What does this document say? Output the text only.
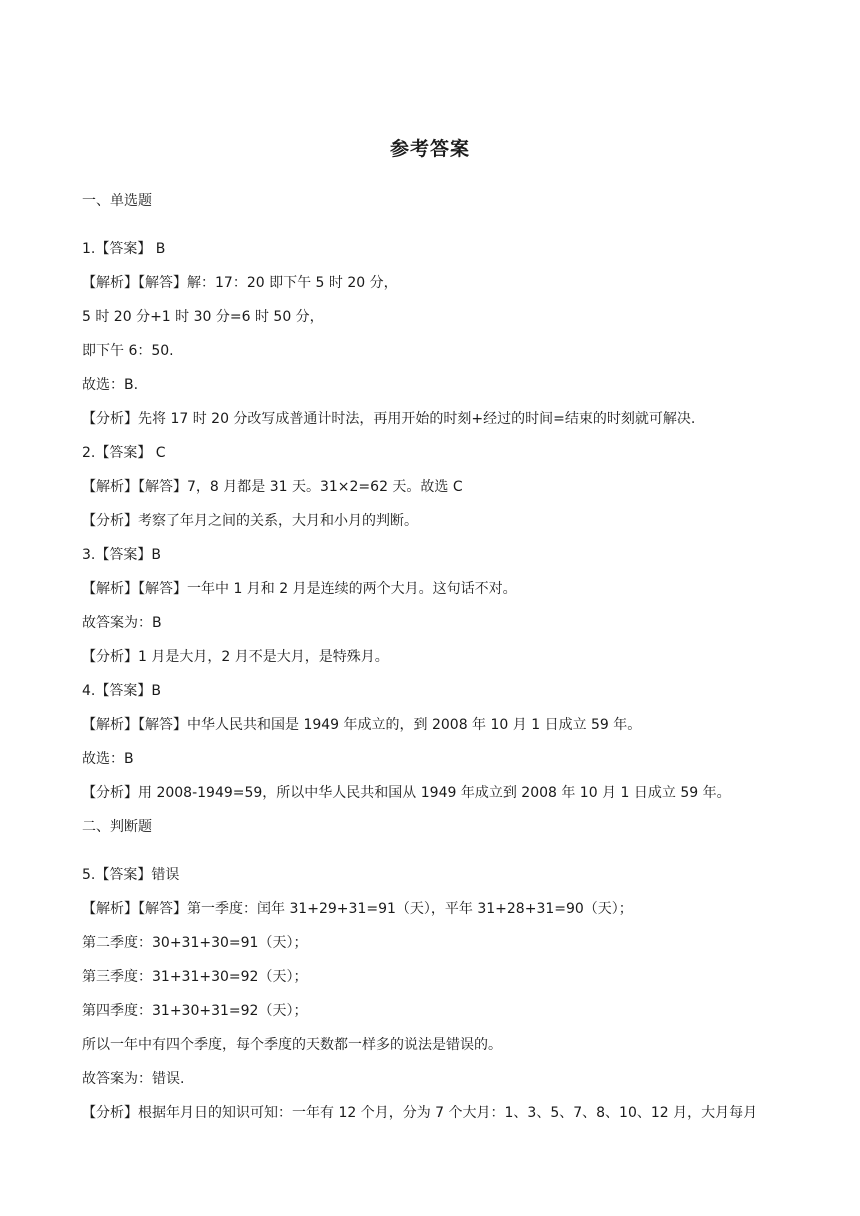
参考答案
一、单选题
1.【答案】 B
【解析】【解答】解：17：20 即下午 5 时 20 分，
5 时 20 分+1 时 30 分=6 时 50 分，
即下午 6：50.
故选：B.
【分析】先将 17 时 20 分改写成普通计时法，再用开始的时刻+经过的时间=结束的时刻就可解决.
2.【答案】 C
【解析】【解答】7，8 月都是 31 天。31×2=62 天。故选 C
【分析】考察了年月之间的关系，大月和小月的判断。
3.【答案】B
【解析】【解答】一年中 1 月和 2 月是连续的两个大月。这句话不对。
故答案为：B
【分析】1 月是大月，2 月不是大月，是特殊月。
4.【答案】B
【解析】【解答】中华人民共和国是 1949 年成立的，到 2008 年 10 月 1 日成立 59 年。
故选：B
【分析】用 2008-1949=59，所以中华人民共和国从 1949 年成立到 2008 年 10 月 1 日成立 59 年。
二、判断题
5.【答案】错误
【解析】【解答】第一季度：闰年 31+29+31=91（天），平年 31+28+31=90（天）；
第二季度：30+31+30=91（天）；
第三季度：31+31+30=92（天）；
第四季度：31+30+31=92（天）；
所以一年中有四个季度，每个季度的天数都一样多的说法是错误的。
故答案为：错误.
【分析】根据年月日的知识可知：一年有 12 个月，分为 7 个大月：1、3、5、7、8、10、12 月，大月每月
